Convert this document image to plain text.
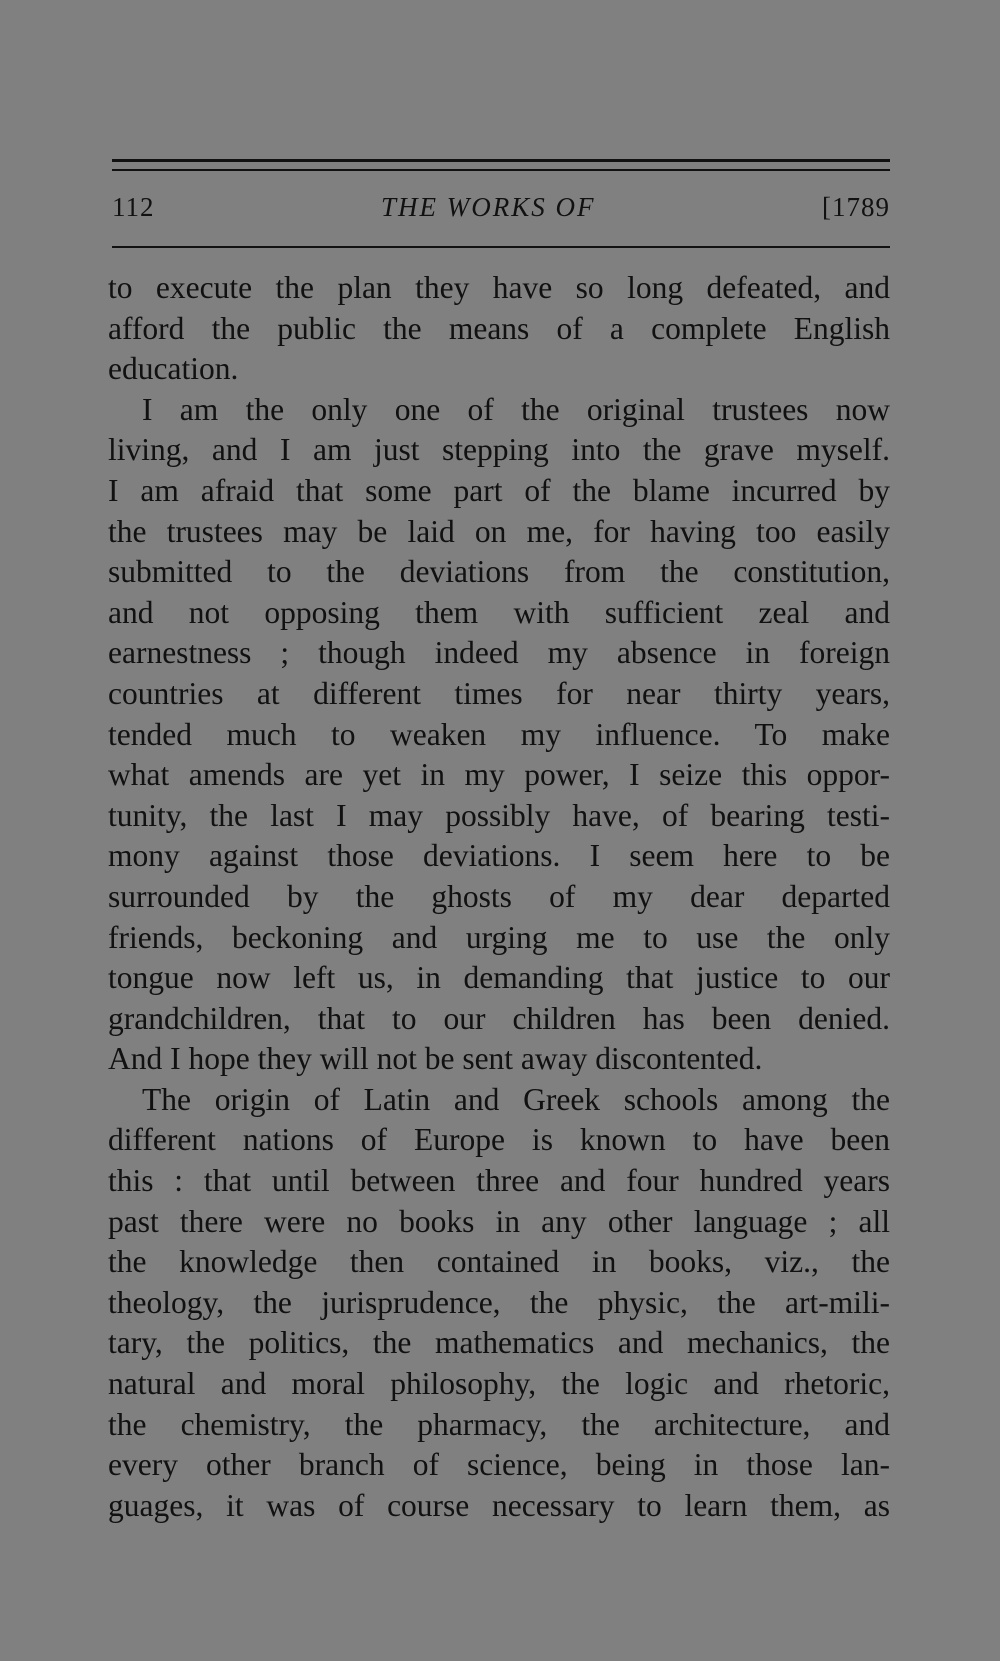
112	THE WORKS OF	[1789

to execute the plan they have so long defeated, and
afford the public the means of a complete English
education.

I am the only one of the original trustees now
living, and I am just stepping into the grave myself.
I am afraid that some part of the blame incurred by
the trustees may be laid on me, for having too easily
submitted to the deviations from the constitution,
and not opposing them with sufficient zeal and
earnestness ; though indeed my absence in foreign
countries at different times for near thirty years,
tended much to weaken my influence. To make
what amends are yet in my power, I seize this oppor-
tunity, the last I may possibly have, of bearing testi-
mony against those deviations. I seem here to be
surrounded by the ghosts of my dear departed
friends, beckoning and urging me to use the only
tongue now left us, in demanding that justice to our
grandchildren, that to our children has been denied.
And I hope they will not be sent away discontented.

The origin of Latin and Greek schools among the
different nations of Europe is known to have been
this : that until between three and four hundred years
past there were no books in any other language ; all
the knowledge then contained in books, viz., the
theology, the jurisprudence, the physic, the art-mili-
tary, the politics, the mathematics and mechanics, the
natural and moral philosophy, the logic and rhetoric,
the chemistry, the pharmacy, the architecture, and
every other branch of science, being in those lan-
guages, it was of course necessary to learn them, as
